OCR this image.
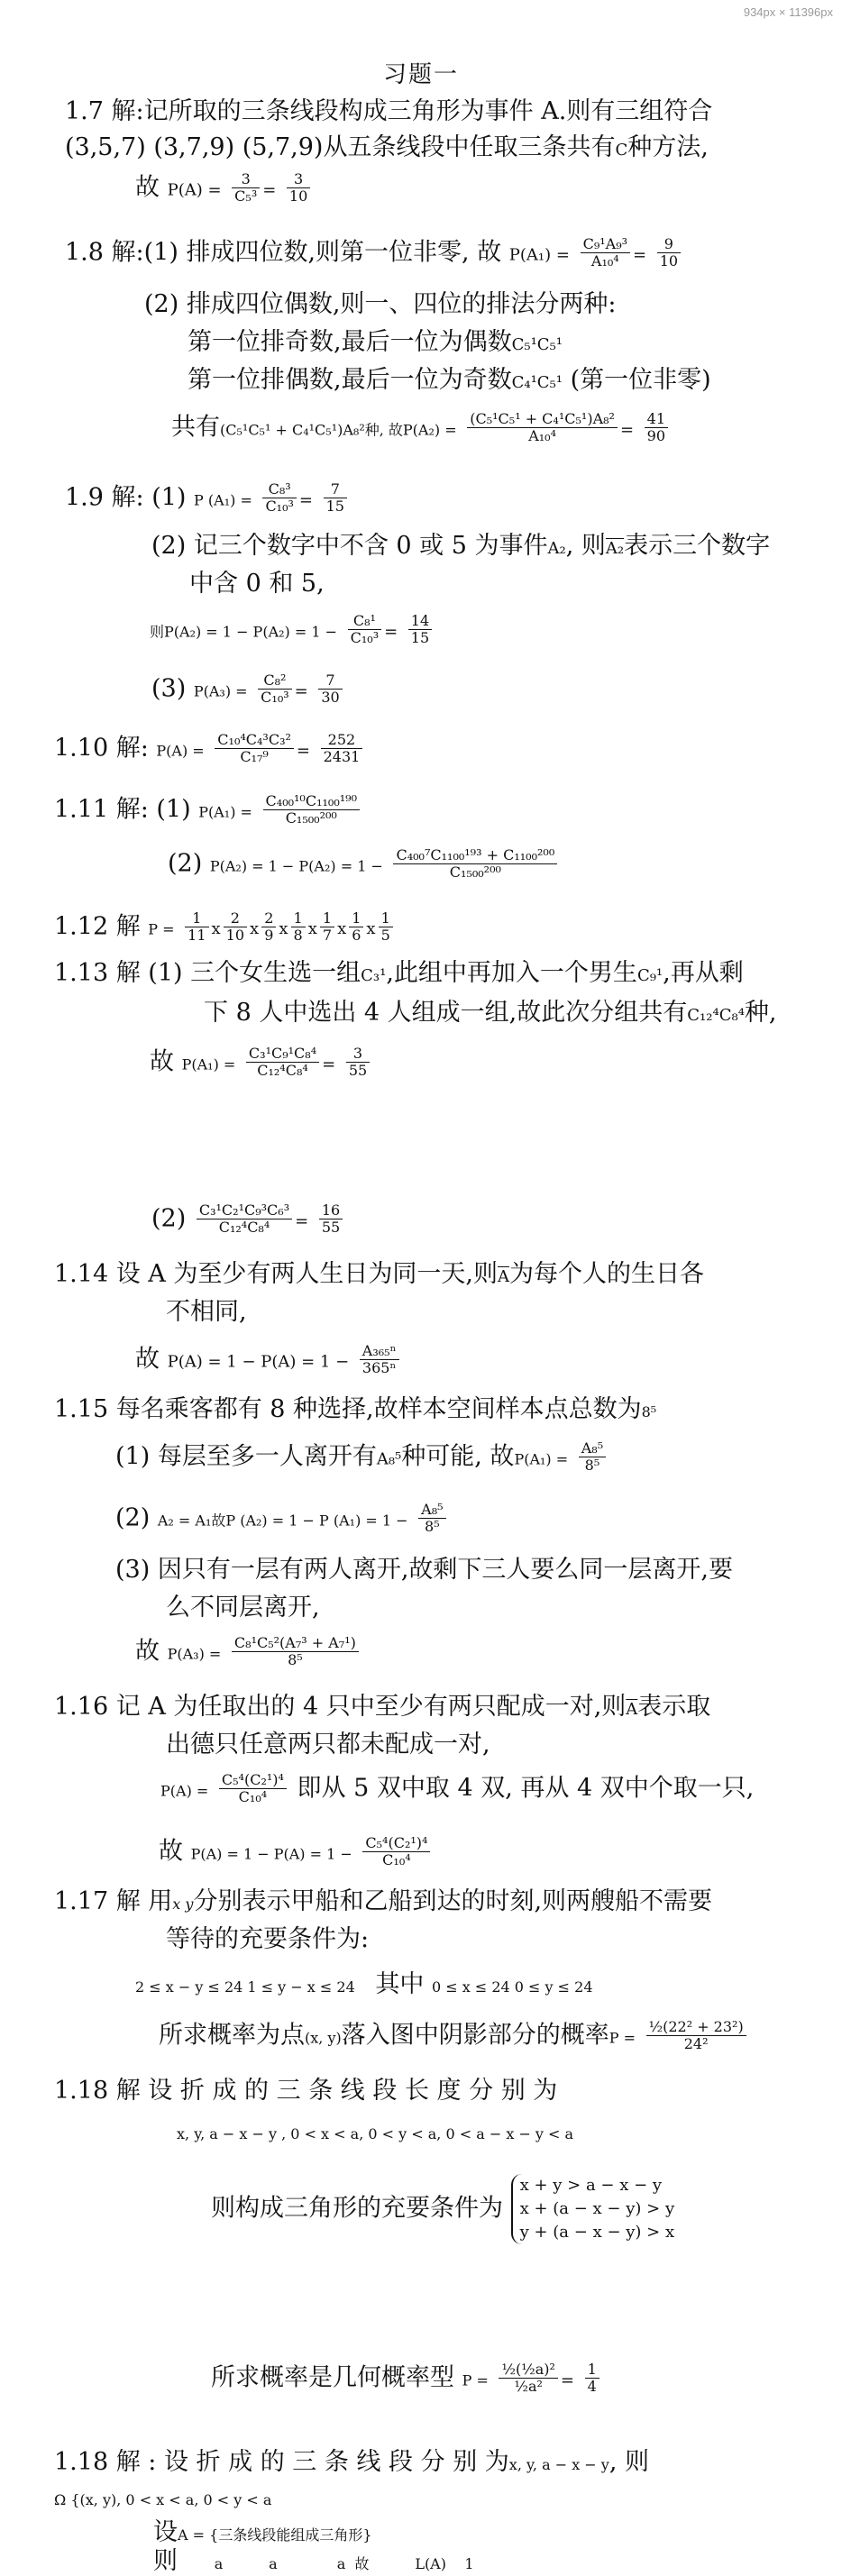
934px × 11396px
习题一
1.7 解:记所取的三条线段构成三角形为事件 A.则有三组符合
(3,5,7) (3,7,9) (5,7,9)从五条线段中任取三条共有C种方法,
故 $P(A) = \frac{3}{\text{C₅³}} = \frac{3}{10}$
1.8 解:(1) 排成四位数,则第一位非零, 故 $P(A_1) = \frac{\text{C₉¹A₉³}}{\text{A₁₀⁴}} = \frac{9}{10}$
(2) 排成四位偶数,则一、四位的排法分两种:
第一位排奇数,最后一位为偶数C₅¹C₅¹
第一位排偶数,最后一位为奇数C₄¹C₅¹ (第一位非零)
共有(C₅¹C₅¹ + C₄¹C₅¹)A₈²种, 故$P(A_2) = \frac{\text{(C₅¹C₅¹ + C₄¹C₅¹)A₈²}}{\text{A₁₀⁴}} = \frac{41}{90}$
1.9 解: (1) P $(A_1) = \frac{\text{C₈³}}{\text{C₁₀³}} = \frac{7}{15}$
(2) 记三个数字中不含 0 或 5 为事件A₂, 则A₂表示三个数字
中含 0 和 5,
则$P(A_2) = 1 - P(A_2) = 1 - \frac{\text{C₈¹}}{\text{C₁₀³}} = \frac{14}{15}$
(3) $P(A_3) = \frac{\text{C₈²}}{\text{C₁₀³}} = \frac{7}{30}$
1.10 解: $P(A) = \frac{\text{C₁₀⁴C₄³C₃²}}{\text{C₁₇⁹}} = \frac{252}{2431}$
1.11 解: (1) $P(A_1) = \frac{\text{C₄₀₀¹⁰C₁₁₀₀¹⁹⁰}}{\text{C₁₅₀₀²⁰⁰}}$
(2) $P(A_2) = 1 - P(A_2) = 1 - \frac{\text{C₄₀₀⁷C₁₁₀₀¹⁹³ + C₁₁₀₀²⁰⁰}}{\text{C₁₅₀₀²⁰⁰}}$
1.12 解 $P = \frac{1}{11}$ x $\frac{2}{10}$ x $\frac{2}{9}$ x $\frac{1}{8}$ x $\frac{1}{7}$ x $\frac{1}{6}$ x $\frac{1}{5}$
1.13 解 (1) 三个女生选一组C₃¹,此组中再加入一个男生C₉¹,再从剩
下 8 人中选出 4 人组成一组,故此次分组共有C₁₂⁴C₈⁴种,
故 $P(A_1) = \frac{\text{C₃¹C₉¹C₈⁴}}{\text{C₁₂⁴C₈⁴}} = \frac{3}{55}$
$(2) \frac{\text{C₃¹C₂¹C₉³C₆³}}{\text{C₁₂⁴C₈⁴}} = \frac{16}{55}$
1.14 设 A 为至少有两人生日为同一天,则$\overline{A}$为每个人的生日各
不相同,
故 $P(A) = 1 - P(A) = 1 - \frac{\text{A₃₆₅ⁿ}}{\text{365ⁿ}}$
1.15 每名乘客都有 8 种选择,故样本空间样本点总数为8⁵
(1) 每层至多一人离开有A₈⁵种可能, 故$P(A_1) = \frac{\text{A₈⁵}}{\text{8⁵}}$
(2) A₂ = A₁故P (A₂) = 1 − P $(A_1) = 1 - \frac{\text{A₈⁵}}{\text{8⁵}}$
(3) 因只有一层有两人离开,故剩下三人要么同一层离开,要
么不同层离开,
故 $P(A_3) = \frac{\text{C₈¹C₅²(A₇³ + A₇¹)}}{\text{8⁵}}$
1.16 记 A 为任取出的 4 只中至少有两只配成一对,则$\overline{A}$表示取
出德只任意两只都未配成一对,
$P(A) = \frac{\text{C₅⁴(C₂¹)⁴}}{\text{C₁₀⁴}}$ 即从 5 双中取 4 双, 再从 4 双中个取一只,
故 $P(A) = 1 - P(A) = 1 - \frac{\text{C₅⁴(C₂¹)⁴}}{\text{C₁₀⁴}}$
1.17 解 用x y分别表示甲船和乙船到达的时刻,则两艘船不需要
等待的充要条件为:
2 ≤ x − y ≤ 24 1 ≤ y − x ≤ 24 其中 0 ≤ x ≤ 24 0 ≤ y ≤ 24
所求概率为点(x, y)落入图中阴影部分的概率$P = \frac{\text{½(22² + 23²)}}{\text{24²}}$
1.18 解 设 折 成 的 三 条 线 段 长 度 分 别 为
x, y, a − x − y , 0 < x < a, 0 < y < a, 0 < a − x − y < a
则构成三角形的充要条件为
x + y > a − x − y
x + (a − x − y) > y
y + (a − x − y) > x
所求概率是几何概率型 $P = \frac{\text{½(½a)²}}{\text{½a²}} = \frac{1}{4}$
1.18 解 : 设 折 成 的 三 条 线 段 分 别 为x, y, a − x − y, 则
Ω {(x, y), 0 < x < a, 0 < y < a
设A = {三条线段能组成三角形}
则        a          a             a  故          L(A)    1
